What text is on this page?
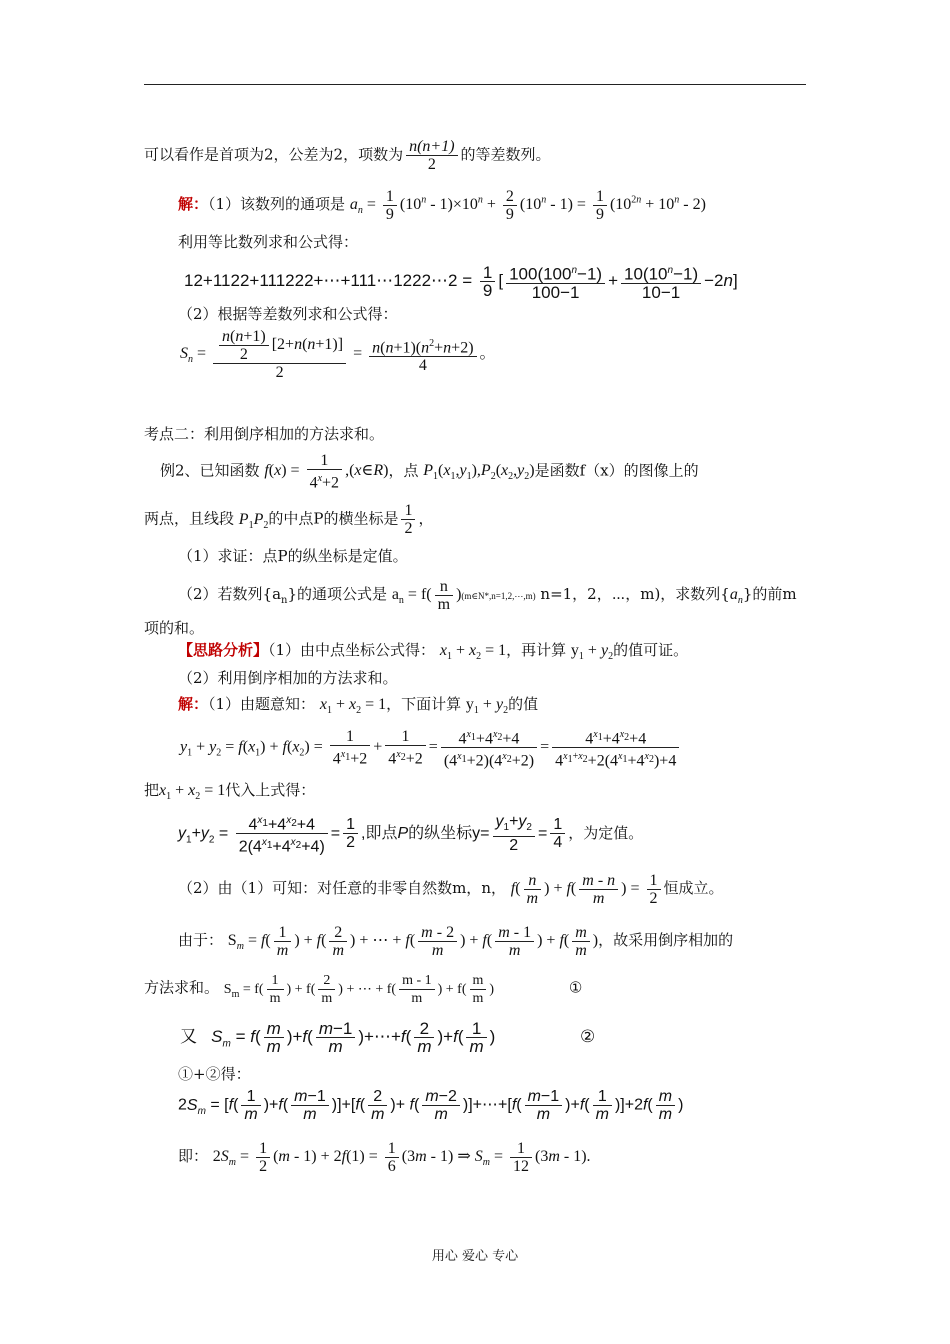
可以看作是首项为2，公差为2，项数为 $\frac{n(n+1)}{2}$ 的等差数列。
解：（1）该数列的通项是 $a_n = \frac{1}{9} (10^n - 1)\times 10^n + \frac{2}{9} (10^n - 1) = \frac{1}{9} (10^{2n} + 10^n - 2)$
利用等比数列求和公式得：
12+1122+111222+⋯+111⋯1222⋯2 = $\frac{1}{9}$ [ $\frac{100(100^n-1)}{100-1} + \frac{10(10^n-1)}{10-1} -2n$]
（2）根据等差数列求和公式得：
$S_n = \frac{\frac{n(n+1)}{2} [2+n(n+1)]}{2} = \frac{n(n+1)(n^2+n+2)}{4}$ 。
考点二：利用倒序相加的方法求和。
例2、已知函数 $f(x) = \frac{1}{4^x+2}$ ,(x∈R)，点 $P_1(x_1,y_1),P_2(x_2,y_2)$是函数f（x）的图像上的
两点，且线段 $P_1P_2$的中点P的横坐标是 $\frac{1}{2}$ ，
（1）求证：点P的纵坐标是定值。
（2）若数列$\{a_n\}$的通项公式是 $a_n = f( \frac{n}{m}$ )(m∈N*,n=1,2,⋯,m) n=1，2，⋯，m)，求数列$\{a_n\}$的前m
项的和。
【思路分析】（1）由中点坐标公式得： $x_1 + x_2 = 1$，再计算 $y_1 + y_2$的值可证。
（2）利用倒序相加的方法求和。
解：（1）由题意知： $x_1 + x_2 = 1$，下面计算 $y_1 + y_2$的值
$y_1 + y_2 = f(x_1) + f(x_2) = \frac{1}{4^{x_1}+2} + \frac{1}{4^{x_2}+2} = \frac{4^{x_1}+4^{x_2}+4}{(4^{x_1}+2)(4^{x_2}+2)} = \frac{4^{x_1}+4^{x_2}+4}{4^{x_1+x_2}+2(4^{x_1}+4^{x_2})+4}$
把$x_1 + x_2 = 1$代入上式得：
$y_1+y_2 = \frac{4^{x_1}+4^{x_2}+4}{2(4^{x_1}+4^{x_2}+4)} = \frac{1}{2}$ ,即点P的纵坐标$y= \frac{y_1+y_2}{2} = \frac{1}{4}$ ，为定值。
（2）由（1）可知：对任意的非零自然数m，n， $f( \frac{n}{m}$ ) + $f( \frac{m - n}{m}$ ) = $\frac{1}{2}$ 恒成立。
由于： $S_m = f( \frac{1}{m}$ ) + $f( \frac{2}{m}$ ) + ⋯ + $f( \frac{m - 2}{m}$ ) + $f( \frac{m - 1}{m}$ ) + $f( \frac{m}{m}$ )，故采用倒序相加的
方法求和。 $S_m = f( \frac{1}{m}$ ) + $f( \frac{2}{m}$ ) + ⋯ + $f( \frac{m - 1}{m}$ ) + $f( \frac{m}{m}$ )	①
又 $S_m = f( \frac{m}{m} )+f( \frac{m-1}{m}$ )+⋯+f( $\frac{2}{m} )+f( \frac{1}{m}$ )	②
①+②得：
$2S_m = [f( \frac{1}{m} )+f( \frac{m-1}{m} )]+[f( \frac{2}{m}$ )+ $f( \frac{m-2}{m}$ )]+⋯+[f( $\frac{m-1}{m} )+f( \frac{1}{m} )]+2f( \frac{m}{m}$ )
即： $2S_m = \frac{1}{2} (m - 1) + 2f(1) = \frac{1}{6} (3m - 1)$ ⇒ $S_m = \frac{1}{12} (3m - 1)$.
用心 爱心 专心
